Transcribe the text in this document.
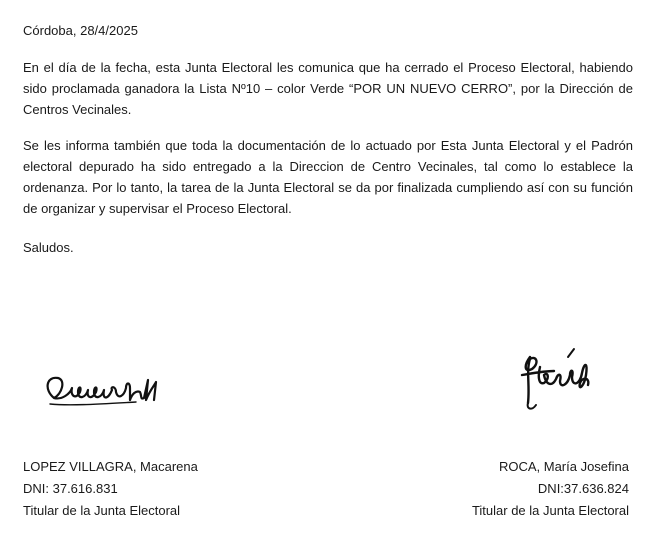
Córdoba, 28/4/2025
En el día de la fecha, esta Junta Electoral les comunica que ha cerrado el Proceso Electoral, habiendo sido proclamada ganadora la Lista Nº10 – color Verde “POR UN NUEVO CERRO”, por la Dirección de Centros Vecinales.
Se les informa también que toda la documentación de lo actuado por Esta Junta Electoral y el Padrón electoral depurado ha sido entregado a la Direccion de Centro Vecinales, tal como lo establece la ordenanza. Por lo tanto, la tarea de la Junta Electoral se da por finalizada cumpliendo así con su función de organizar y supervisar el Proceso Electoral.
Saludos.
LOPEZ VILLAGRA, Macarena
DNI: 37.616.831
Titular de la Junta Electoral
ROCA, María Josefina
DNI:37.636.824
Titular de la Junta Electoral
